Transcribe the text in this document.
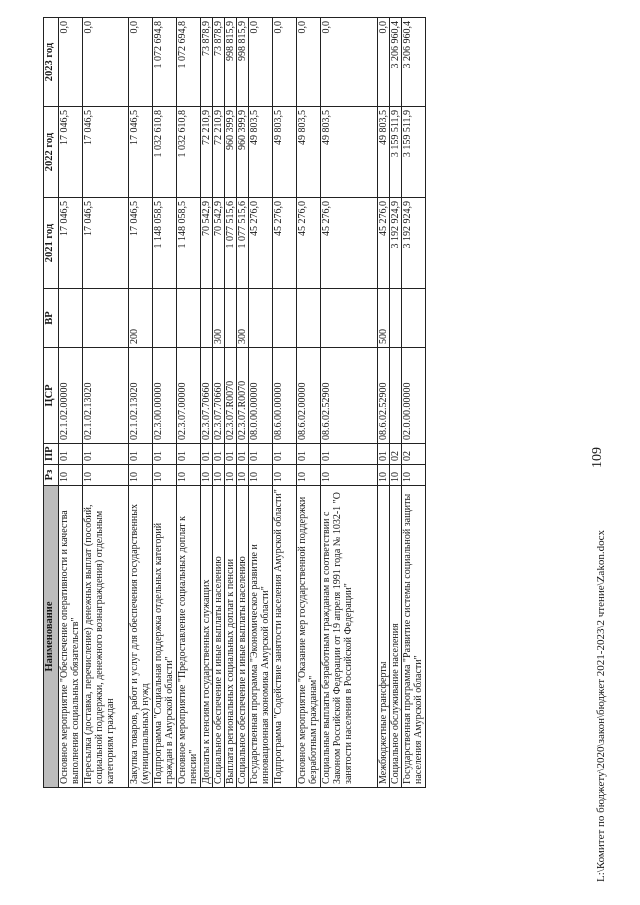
109
Наименование	Рз	ПР	ЦСР	ВР	2021 год	2022 год	2023 год
Основное мероприятие "Обеспечение оперативности и качества выполнения социальных обязательств"	10	01	02.1.02.00000		17 046,5	17 046,5	0,0
Пересылка (доставка, перечисление) денежных выплат (пособий, социальной поддержки, денежного вознаграждения) отдельным категориям граждан	10	01	02.1.02.13020		17 046,5	17 046,5	0,0
Закупка товаров, работ и услуг для обеспечения государственных (муниципальных) нужд	10	01	02.1.02.13020	200	17 046,5	17 046,5	0,0
Подпрограмма "Социальная поддержка отдельных категорий граждан в Амурской области"	10	01	02.3.00.00000		1 148 058,5	1 032 610,8	1 072 694,8
Основное мероприятие "Предоставление социальных доплат к пенсии"	10	01	02.3.07.00000		1 148 058,5	1 032 610,8	1 072 694,8
Доплаты к пенсиям государственных служащих	10	01	02.3.07.70660		70 542,9	72 210,9	73 878,9
Социальное обеспечение и иные выплаты населению	10	01	02.3.07.70660	300	70 542,9	72 210,9	73 878,9
Выплата региональных социальных доплат к пенсии	10	01	02.3.07.R0070		1 077 515,6	960 399,9	998 815,9
Социальное обеспечение и иные выплаты населению	10	01	02.3.07.R0070	300	1 077 515,6	960 399,9	998 815,9
Государственная программа "Экономическое развитие и инновационная экономика Амурской области"	10	01	08.0.00.00000		45 276,0	49 803,5	0,0
Подпрограмма "Содействие занятости населения Амурской области"	10	01	08.6.00.00000		45 276,0	49 803,5	0,0
Основное мероприятие "Оказание мер государственной поддержки безработным гражданам"	10	01	08.6.02.00000		45 276,0	49 803,5	0,0
Социальные выплаты безработным гражданам в соответствии с Законом Российской Федерации от 19 апреля 1991 года № 1032-1 "О занятости населения в Российской Федерации"	10	01	08.6.02.52900		45 276,0	49 803,5	0,0
Межбюджетные трансферты	10	01	08.6.02.52900	500	45 276,0	49 803,5	0,0
Социальное обслуживание населения	10	02			3 192 924,9	3 159 511,9	3 206 960,4
Государственная программа "Развитие системы социальной защиты населения Амурской области"	10	02	02.0.00.00000		3 192 924,9	3 159 511,9	3 206 960,4
L:\Комитет по бюджету\2020\закон\бюджет 2021-2023\2 чтение\Zakon.docx
